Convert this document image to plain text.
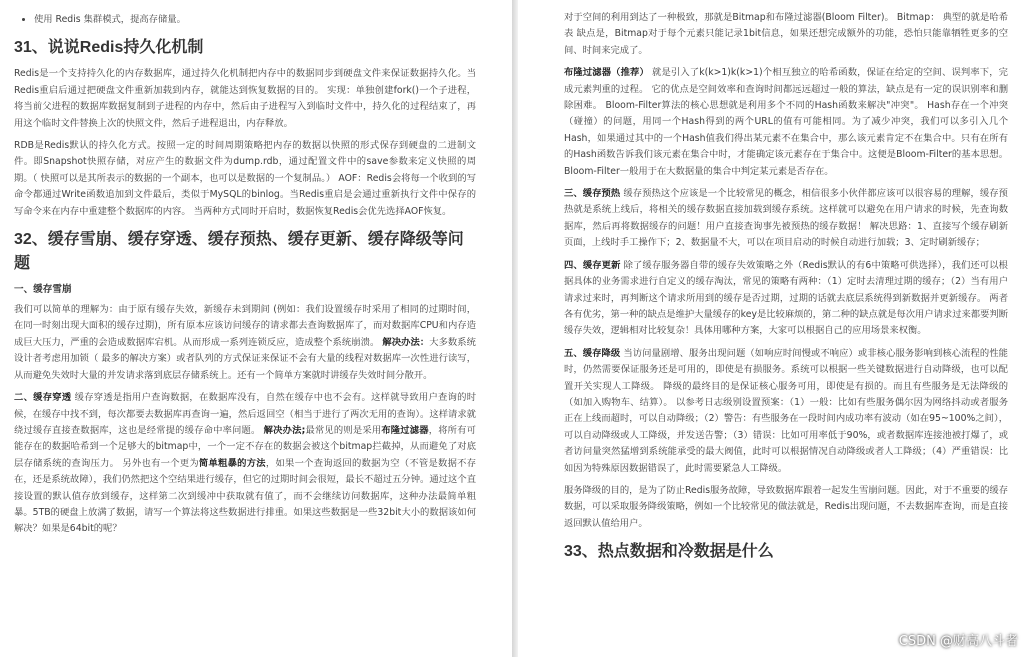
• 使用 Redis 集群模式，提高存储量。
31、说说Redis持久化机制

Redis是一个支持持久化的内存数据库，通过持久化机制把内存中的数据同步到硬盘文件来保证数据持久化。当Redis重启后通过把硬盘文件重新加载到内存，就能达到恢复数据的目的。 实现：单独创建fork()一个子进程，将当前父进程的数据库数据复制到子进程的内存中，然后由子进程写入到临时文件中，持久化的过程结束了，再用这个临时文件替换上次的快照文件，然后子进程退出，内存释放。

RDB是Redis默认的持久化方式。按照一定的时间周期策略把内存的数据以快照的形式保存到硬盘的二进制文件。即Snapshot快照存储，对应产生的数据文件为dump.rdb，通过配置文件中的save参数来定义快照的周期。（ 快照可以是其所表示的数据的一个副本，也可以是数据的一个复制品。） AOF：Redis会将每一个收到的写命令都通过Write函数追加到文件最后，类似于MySQL的binlog。当Redis重启是会通过重新执行文件中保存的写命令来在内存中重建整个数据库的内容。 当两种方式同时开启时，数据恢复Redis会优先选择AOF恢复。

32、缓存雪崩、缓存穿透、缓存预热、缓存更新、缓存降级等问题
一、缓存雪崩

我们可以简单的理解为：由于原有缓存失效，新缓存未到期间 (例如：我们设置缓存时采用了相同的过期时间，在同一时刻出现大面积的缓存过期)，所有原本应该访问缓存的请求都去查询数据库了，而对数据库CPU和内存造成巨大压力，严重的会造成数据库宕机。从而形成一系列连锁反应，造成整个系统崩溃。 解决办法：大多数系统设计者考虑用加锁（ 最多的解决方案）或者队列的方式保证来保证不会有大量的线程对数据库一次性进行读写，从而避免失效时大量的并发请求落到底层存储系统上。还有一个简单方案就时讲缓存失效时间分散开。

二、缓存穿透 缓存穿透是指用户查询数据，在数据库没有，自然在缓存中也不会有。这样就导致用户查询的时候，在缓存中找不到，每次都要去数据库再查询一遍，然后返回空（相当于进行了两次无用的查询）。这样请求就绕过缓存直接查数据库，这也是经常提的缓存命中率问题。 解决办法;最常见的则是采用布隆过滤器，将所有可能存在的数据哈希到一个足够大的bitmap中，一个一定不存在的数据会被这个bitmap拦截掉，从而避免了对底层存储系统的查询压力。 另外也有一个更为简单粗暴的方法，如果一个查询返回的数据为空（不管是数据不存在，还是系统故障），我们仍然把这个空结果进行缓存，但它的过期时间会很短，最长不超过五分钟。通过这个直接设置的默认值存放到缓存，这样第二次到缓冲中获取就有值了，而不会继续访问数据库，这种办法最简单粗暴。5TB的硬盘上放满了数据，请写一个算法将这些数据进行排重。如果这些数据是一些32bit大小的数据该如何解决？如果是64bit的呢？

对于空间的利用到达了一种极致，那就是Bitmap和布隆过滤器(Bloom Filter)。 Bitmap： 典型的就是哈希表 缺点是，Bitmap对于每个元素只能记录1bit信息，如果还想完成额外的功能，恐怕只能靠牺牲更多的空间、时间来完成了。

布隆过滤器（推荐） 就是引入了k(k>1)k(k>1)个相互独立的哈希函数，保证在给定的空间、误判率下，完成元素判重的过程。 它的优点是空间效率和查询时间都远远超过一般的算法，缺点是有一定的误识别率和删除困难。 Bloom-Filter算法的核心思想就是利用多个不同的Hash函数来解决"冲突"。 Hash存在一个冲突（碰撞）的问题，用同一个Hash得到的两个URL的值有可能相同。为了减少冲突，我们可以多引入几个Hash，如果通过其中的一个Hash值我们得出某元素不在集合中，那么该元素肯定不在集合中。只有在所有的Hash函数告诉我们该元素在集合中时，才能确定该元素存在于集合中。这便是Bloom-Filter的基本思想。 Bloom-Filter一般用于在大数据量的集合中判定某元素是否存在。

三、缓存预热 缓存预热这个应该是一个比较常见的概念，相信很多小伙伴都应该可以很容易的理解，缓存预热就是系统上线后，将相关的缓存数据直接加载到缓存系统。这样就可以避免在用户请求的时候，先查询数据库，然后再将数据缓存的问题！用户直接查询事先被预热的缓存数据！ 解决思路：1、直接写个缓存刷新页面，上线时手工操作下；2、数据量不大，可以在项目启动的时候自动进行加载；3、定时刷新缓存；

四、缓存更新 除了缓存服务器自带的缓存失效策略之外（Redis默认的有6中策略可供选择），我们还可以根据具体的业务需求进行自定义的缓存淘汰，常见的策略有两种：（1）定时去清理过期的缓存；（2）当有用户请求过来时，再判断这个请求所用到的缓存是否过期，过期的话就去底层系统得到新数据并更新缓存。 两者各有优劣，第一种的缺点是维护大量缓存的key是比较麻烦的，第二种的缺点就是每次用户请求过来都要判断缓存失效，逻辑相对比较复杂！具体用哪种方案，大家可以根据自己的应用场景来权衡。

五、缓存降级 当访问量剧增、服务出现问题（如响应时间慢或不响应）或非核心服务影响到核心流程的性能时，仍然需要保证服务还是可用的，即使是有损服务。系统可以根据一些关键数据进行自动降级，也可以配置开关实现人工降级。 降级的最终目的是保证核心服务可用，即使是有损的。而且有些服务是无法降级的（如加入购物车、结算）。 以参考日志级别设置预案：（1）一般：比如有些服务偶尔因为网络抖动或者服务正在上线而超时，可以自动降级；（2）警告：有些服务在一段时间内成功率有波动（如在95~100%之间），可以自动降级或人工降级，并发送告警；（3）错误：比如可用率低于90%，或者数据库连接池被打爆了，或者访问量突然猛增到系统能承受的最大阀值，此时可以根据情况自动降级或者人工降级；（4）严重错误：比如因为特殊原因数据错误了，此时需要紧急人工降级。

服务降级的目的，是为了防止Redis服务故障，导致数据库跟着一起发生雪崩问题。因此，对于不重要的缓存数据，可以采取服务降级策略，例如一个比较常见的做法就是，Redis出现问题，不去数据库查询，而是直接返回默认值给用户。

33、热点数据和冷数据是什么
CSDN @财高八斗者
